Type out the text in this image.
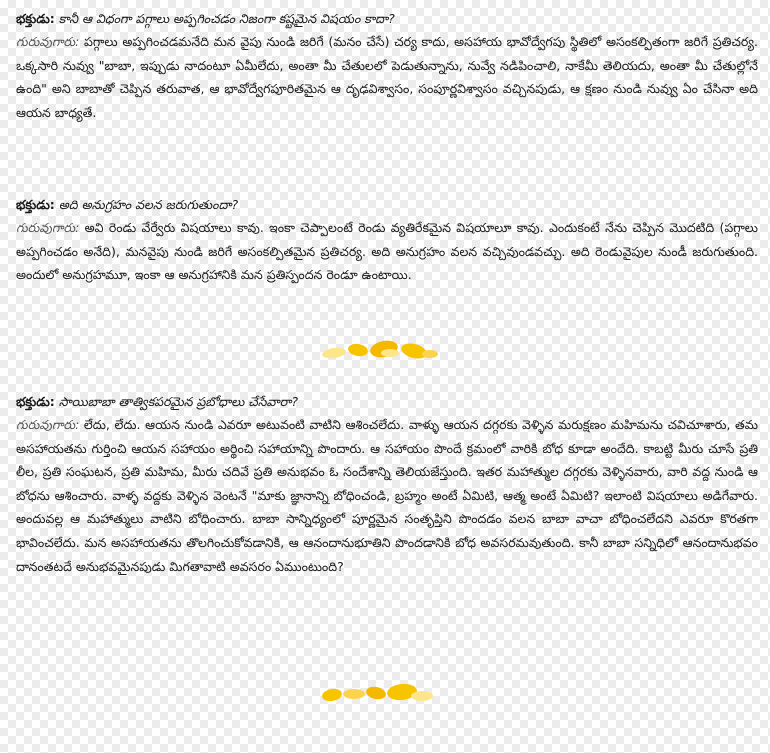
భక్తుడు: కానీ ఆ విధంగా పగ్గాలు అప్పగించడం నిజంగా కష్టమైన విషయం కాదా?

గురువుగారు: పగ్గాలు అప్పగించడమనేది మన వైపు నుండి జరిగే (మనం చేసే) చర్య కాదు, అసహాయ భావోద్వేగపు స్థితిలో అసంకల్పితంగా జరిగే ప్రతిచర్య. ఒక్కసారి నువ్వు "బాబా, ఇప్పుడు నాదంటూ ఏమీలేదు, అంతా మీ చేతులలో పెడుతున్నాను, నువ్వే నడిపించాలి, నాకేమీ తెలియదు, అంతా మీ చేతుల్లోనే ఉంది" అని బాబాతో చెప్పిన తరువాత, ఆ భావోద్వేగపూరితమైన ఆ దృఢవిశ్వాసం, సంపూర్ణవిశ్వాసం వచ్చినపుడు, ఆ క్షణం నుండి నువ్వు ఏం చేసినా అది ఆయన బాధ్యతే.

భక్తుడు: అది అనుగ్రహం వలన జరుగుతుందా?

గురువుగారు: అవి రెండు వేర్వేరు విషయాలు కావు. ఇంకా చెప్పాలంటే రెండు వ్యతిరేకమైన విషయాలూ కావు. ఎందుకంటే నేను చెప్పిన మొదటిది (పగ్గాలు అప్పగించడం అనేది), మనవైపు నుండి జరిగే అసంకల్పితమైన ప్రతిచర్య. అది అనుగ్రహం వలన వచ్చివుండవచ్చు. అది రెండువైపుల నుండీ జరుగుతుంది. అందులో అనుగ్రహమూ, ఇంకా ఆ అనుగ్రహానికి మన ప్రతిస్పందన రెండూ ఉంటాయి.

భక్తుడు: సాయిబాబా తాత్వికపరమైన ప్రబోధాలు చేసేవారా?

గురువుగారు: లేదు, లేదు. ఆయన నుండి ఎవరూ అటువంటి వాటిని ఆశించలేదు. వాళ్ళు ఆయన దగ్గరకు వెళ్ళిన మరుక్షణం మహిమను చవిచూశారు, తమ అసహాయతను గుర్తించి ఆయన సహాయం అర్థించి సహాయాన్ని పొందారు. ఆ సహాయం పొందే క్రమంలో వారికి బోధ కూడా అందేది. కాబట్టి మీరు చూసే ప్రతి లీల, ప్రతి సంఘటన, ప్రతి మహిమ, మీరు చదివే ప్రతి అనుభవం ఓ సందేశాన్ని తెలియజేస్తుంది. ఇతర మహాత్ముల దగ్గరకు వెళ్ళినవారు, వారి వద్ద నుండి ఆ బోధను ఆశించారు. వాళ్ళ వద్దకు వెళ్ళిన వెంటనే "మాకు జ్ఞానాన్ని బోధించండి, బ్రహ్మం అంటే ఏమిటి, ఆత్మ అంటే ఏమిటి? ఇలాంటి విషయాలు అడిగేవారు. అందువల్ల ఆ మహాత్ములు వాటిని బోధించారు. బాబా సాన్నిధ్యంలో పూర్ణమైన సంతృప్తిని పొందడం వలన బాబా వాచా బోధించలేదని ఎవరూ కొరతగా భావించలేదు. మన అసహాయతను తొలగించుకోవడానికి, ఆ ఆనందానుభూతిని పొందడానికి బోధ అవసరమవుతుంది. కానీ బాబా సన్నిధిలో ఆనందానుభవం దానంతటదే అనుభవమైనపుడు మిగతావాటి అవసరం ఏముంటుంది?
